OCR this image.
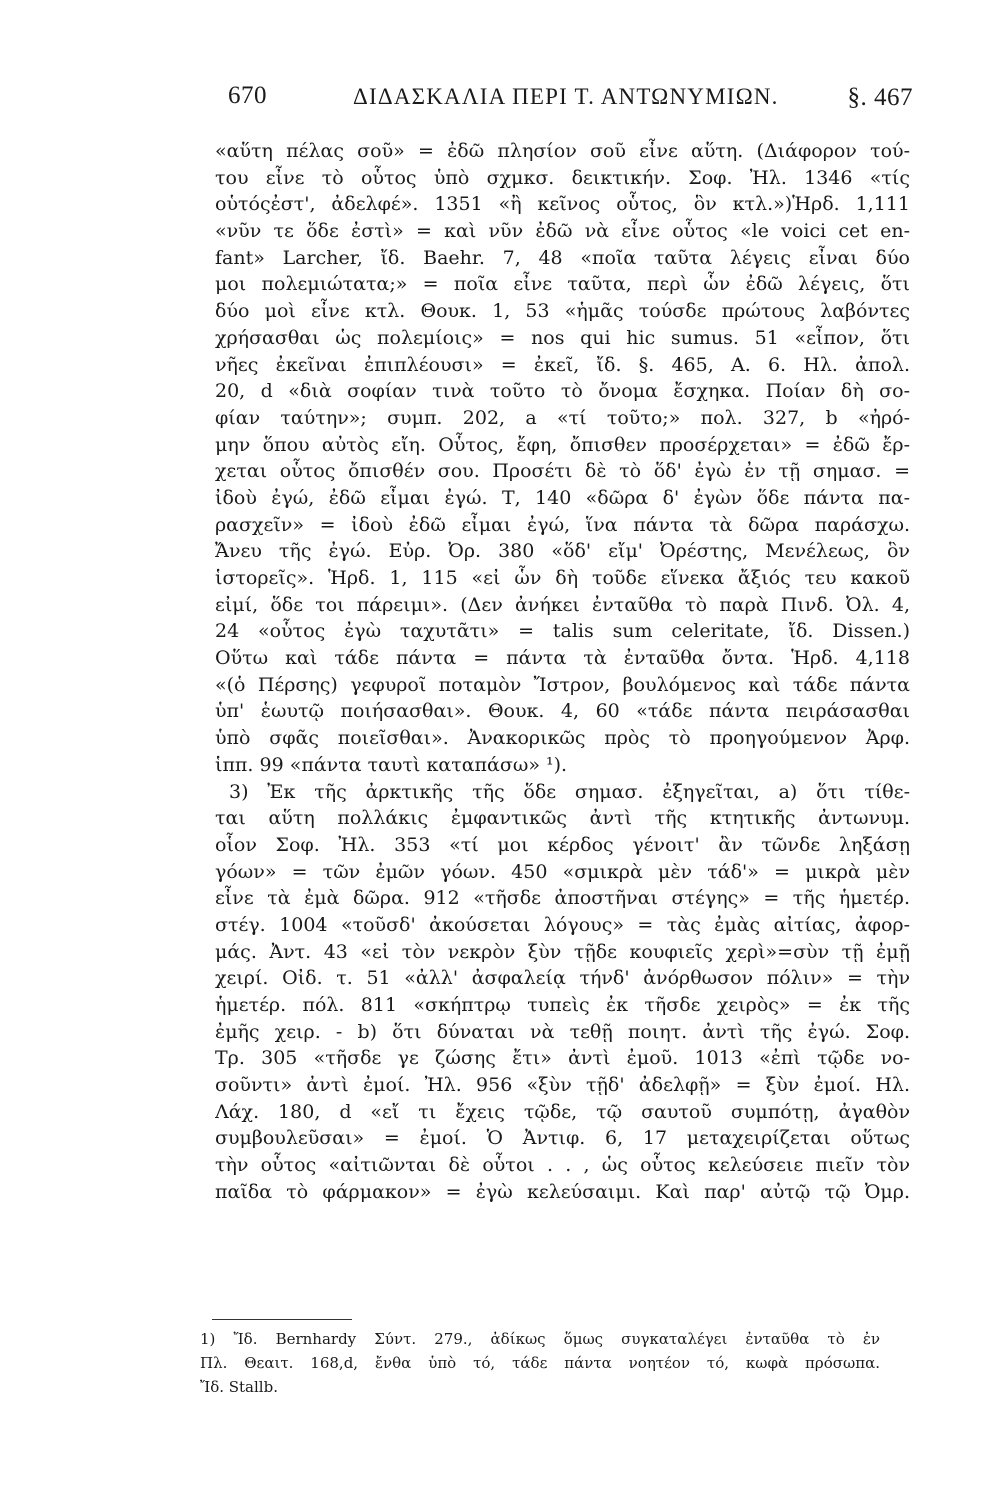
670	ΔΙΔΑΣΚΑΛΙΑ ΠΕΡΙ Τ. ΑΝΤΩΝΥΜΙΩΝ.	§. 467
«αὕτη πέλας σοῦ» = ἐδῶ πλησίον σοῦ εἶνε αὕτη. (Διάφορον τού-
του εἶνε τὸ οὗτος ὑπὸ σχμκσ. δεικτικήν. Σοφ. Ἠλ. 1346 «τίς
οὑτόςἐστ', ἀδελφέ». 1351 «ἢ κεῖνος οὗτος, ὃν κτλ.»)Ἡρδ. 1,111
«νῦν τε ὅδε ἐστὶ» = καὶ νῦν ἐδῶ νὰ εἶνε οὗτος «le voici cet en-
fant» Larcher, ἴδ. Baehr. 7, 48 «ποῖα ταῦτα λέγεις εἶναι δύο
μοι πολεμιώτατα;» = ποῖα εἶνε ταῦτα, περὶ ὧν ἐδῶ λέγεις, ὅτι
δύο μοὶ εἶνε κτλ. Θουκ. 1, 53 «ἡμᾶς τούσδε πρώτους λαβόντες
χρήσασθαι ὡς πολεμίοις» = nos qui hic sumus. 51 «εἶπον, ὅτι
νῆες ἐκεῖναι ἐπιπλέουσι» = ἐκεῖ, ἴδ. §. 465, A. 6. Ηλ. ἀπολ.
20, d «διὰ σοφίαν τινὰ τοῦτο τὸ ὄνομα ἔσχηκα. Ποίαν δὴ σο-
φίαν ταύτην»; συμπ. 202, a «τί τοῦτο;» πολ. 327, b «ἠρό-
μην ὅπου αὐτὸς εἴη. Οὗτος, ἔφη, ὄπισθεν προσέρχεται» = ἐδῶ ἔρ-
χεται οὗτος ὄπισθέν σου. Προσέτι δὲ τὸ ὅδ' ἐγὼ ἐν τῇ σημασ. =
ἰδοὺ ἐγώ, ἐδῶ εἶμαι ἐγώ. Τ, 140 «δῶρα δ' ἐγὼν ὅδε πάντα πα-
ρασχεῖν» = ἰδοὺ ἐδῶ εἶμαι ἐγώ, ἵνα πάντα τὰ δῶρα παράσχω.
Ἄνευ τῆς ἐγώ. Εὐρ. Ὀρ. 380 «ὅδ' εἴμ' Ὀρέστης, Μενέλεως, ὃν
ἱστορεῖς». Ἡρδ. 1, 115 «εἰ ὧν δὴ τοῦδε εἵνεκα ἄξιός τευ κακοῦ
εἰμί, ὅδε τοι πάρειμι». (Δεν ἀνήκει ἐνταῦθα τὸ παρὰ Πινδ. Ὀλ. 4,
24 «οὗτος ἐγὼ ταχυτᾶτι» = talis sum celeritate, ἴδ. Dissen.)
Οὕτω καὶ τάδε πάντα = πάντα τὰ ἐνταῦθα ὄντα. Ἡρδ. 4,118
«(ὁ Πέρσης) γεφυροῖ ποταμὸν Ἴστρον, βουλόμενος καὶ τάδε πάντα
ὑπ' ἑωυτῷ ποιήσασθαι». Θουκ. 4, 60 «τάδε πάντα πειράσασθαι
ὑπὸ σφᾶς ποιεῖσθαι». Ἀνακορικῶς πρὸς τὸ προηγούμενον Ἀρφ.
ἱππ. 99 «πάντα ταυτὶ καταπάσω» ¹).
3) Ἐκ τῆς ἀρκτικῆς τῆς ὅδε σημασ. ἐξηγεῖται, a) ὅτι τίθε-
ται αὕτη πολλάκις ἐμφαντικῶς ἀντὶ τῆς κτητικῆς ἀντωνυμ.
οἷον Σοφ. Ἠλ. 353 «τί μοι κέρδος γένοιτ' ἂν τῶνδε ληξάσῃ
γόων» = τῶν ἐμῶν γόων. 450 «σμικρὰ μὲν τάδ'» = μικρὰ μὲν
εἶνε τὰ ἐμὰ δῶρα. 912 «τῆσδε ἀποστῆναι στέγης» = τῆς ἡμετέρ.
στέγ. 1004 «τοῦσδ' ἀκούσεται λόγους» = τὰς ἐμὰς αἰτίας, ἀφορ-
μάς. Ἀντ. 43 «εἰ τὸν νεκρὸν ξὺν τῇδε κουφιεῖς χερὶ»=σὺν τῇ ἐμῇ
χειρί. Οἰδ. τ. 51 «ἀλλ' ἀσφαλείᾳ τήνδ' ἀνόρθωσον πόλιν» = τὴν
ἡμετέρ. πόλ. 811 «σκήπτρῳ τυπεὶς ἐκ τῆσδε χειρὸς» = ἐκ τῆς
ἐμῆς χειρ. - b) ὅτι δύναται νὰ τεθῇ ποιητ. ἀντὶ τῆς ἐγώ. Σοφ.
Τρ. 305 «τῆσδε γε ζώσης ἔτι» ἀντὶ ἐμοῦ. 1013 «ἐπὶ τῷδε νο-
σοῦντι» ἀντὶ ἐμοί. Ἠλ. 956 «ξὺν τῇδ' ἀδελφῇ» = ξὺν ἐμοί. Ηλ.
Λάχ. 180, d «εἴ τι ἔχεις τῷδε, τῷ σαυτοῦ συμπότῃ, ἀγαθὸν
συμβουλεῦσαι» = ἐμοί. Ὁ Ἀντιφ. 6, 17 μεταχειρίζεται οὕτως
τὴν οὗτος «αἰτιῶνται δὲ οὗτοι . . , ὡς οὗτος κελεύσειε πιεῖν τὸν
παῖδα τὸ φάρμακον» = ἐγὼ κελεύσαιμι. Καὶ παρ' αὐτῷ τῷ Ὀμρ.
1) Ἴδ. Bernhardy Σύντ. 279., ἀδίκως ὅμως συγκαταλέγει ἐνταῦθα τὸ ἐν
Πλ. Θεαιτ. 168,d, ἔνθα ὑπὸ τό, τάδε πάντα νοητέον τό, κωφὰ πρόσωπα.
Ἴδ. Stallb.
